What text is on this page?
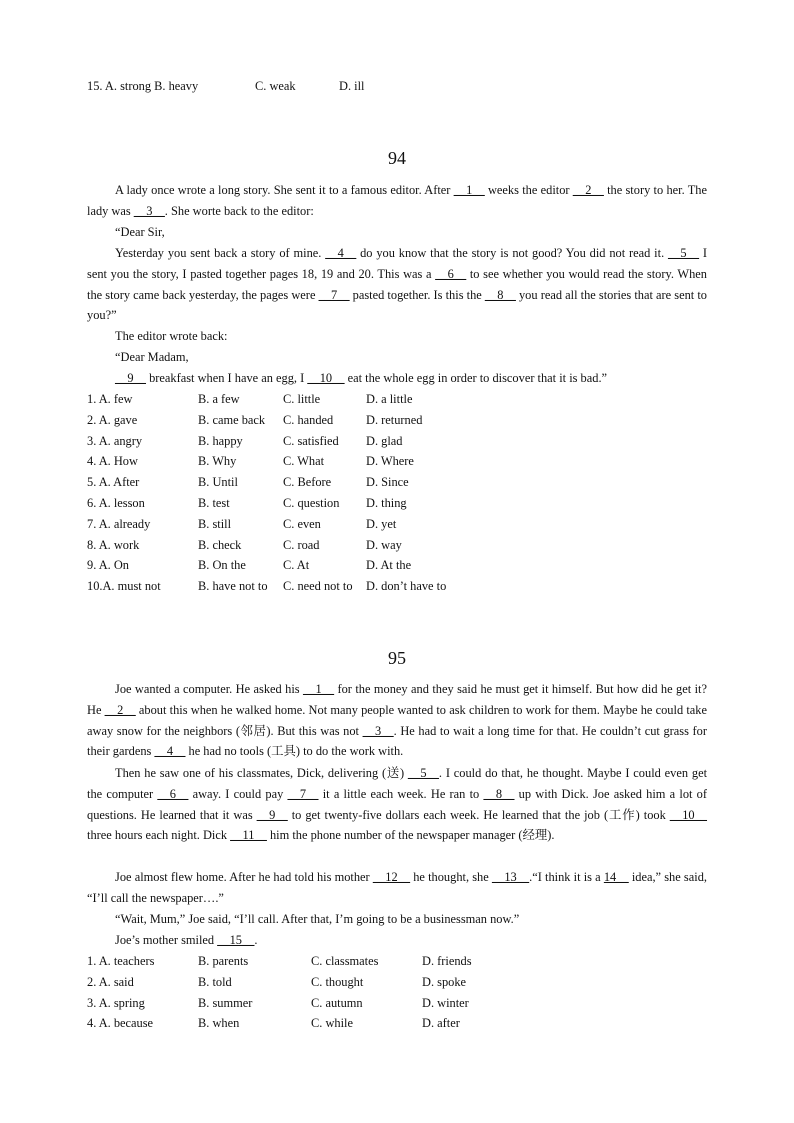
15. A. strong B. heavy	C. weak	D. ill
94
A lady once wrote a long story. She sent it to a famous editor. After __1__ weeks the editor __2__ the story to her. The lady was __3__. She worte back to the editor:
“Dear Sir,
Yesterday you sent back a story of mine. __4__ do you know that the story is not good? You did not read it. __5__ I sent you the story, I pasted together pages 18, 19 and 20. This was a __6__ to see whether you would read the story. When the story came back yesterday, the pages were __7__ pasted together. Is this the __8__ you read all the stories that are sent to you?”
The editor wrote back:
“Dear Madam,
__9__ breakfast when I have an egg, I __10__ eat the whole egg in order to discover that it is bad.”
1. A. few	B. a few	C. little	D. a little
2. A. gave	B. came back C. handed	D. returned
3. A. angry	B. happy	C. satisfied D. glad
4. A. How	B. Why	C. What	D. Where
5. A. After	B. Until	C. Before	D. Since
6. A. lesson	B. test	C. question D. thing
7. A. already	B. still	C. even	D. yet
8. A. work	B. check	C. road	D. way
9. A. On	B. On the	C. At	D. At the
10.A. must not	B. have not to C. need not to D. don’t have to
95
Joe wanted a computer. He asked his __1__ for the money and they said he must get it himself. But how did he get it? He __2__ about this when he walked home. Not many people wanted to ask children to work for them. Maybe he could take away snow for the neighbors (邻居). But this was not __3__. He had to wait a long time for that. He couldn’t cut grass for their gardens __4__ he had no tools (工具) to do the work with.
Then he saw one of his classmates, Dick, delivering (送) __5__. I could do that, he thought. Maybe I could even get the computer __6__ away. I could pay __7__ it a little each week. He ran to __8__ up with Dick. Joe asked him a lot of questions. He learned that it was __9__ to get twenty-five dollars each week. He learned that the job (工作) took __10__ three hours each night. Dick __11__ him the phone number of the newspaper manager (经理).
Joe almost flew home. After he had told his mother __12__ he thought, she __13__.“I think it is a 14__ idea,” she said, “I’ll call the newspaper….”
“Wait, Mum,” Joe said, “I’ll call. After that, I’m going to be a businessman now.”
Joe’s mother smiled __15__.
1. A. teachers	B. parents	C. classmates	D. friends
2. A. said	B. told	C. thought	D. spoke
3. A. spring	B. summer	C. autumn	D. winter
4. A. because	B. when	C. while	D. after
